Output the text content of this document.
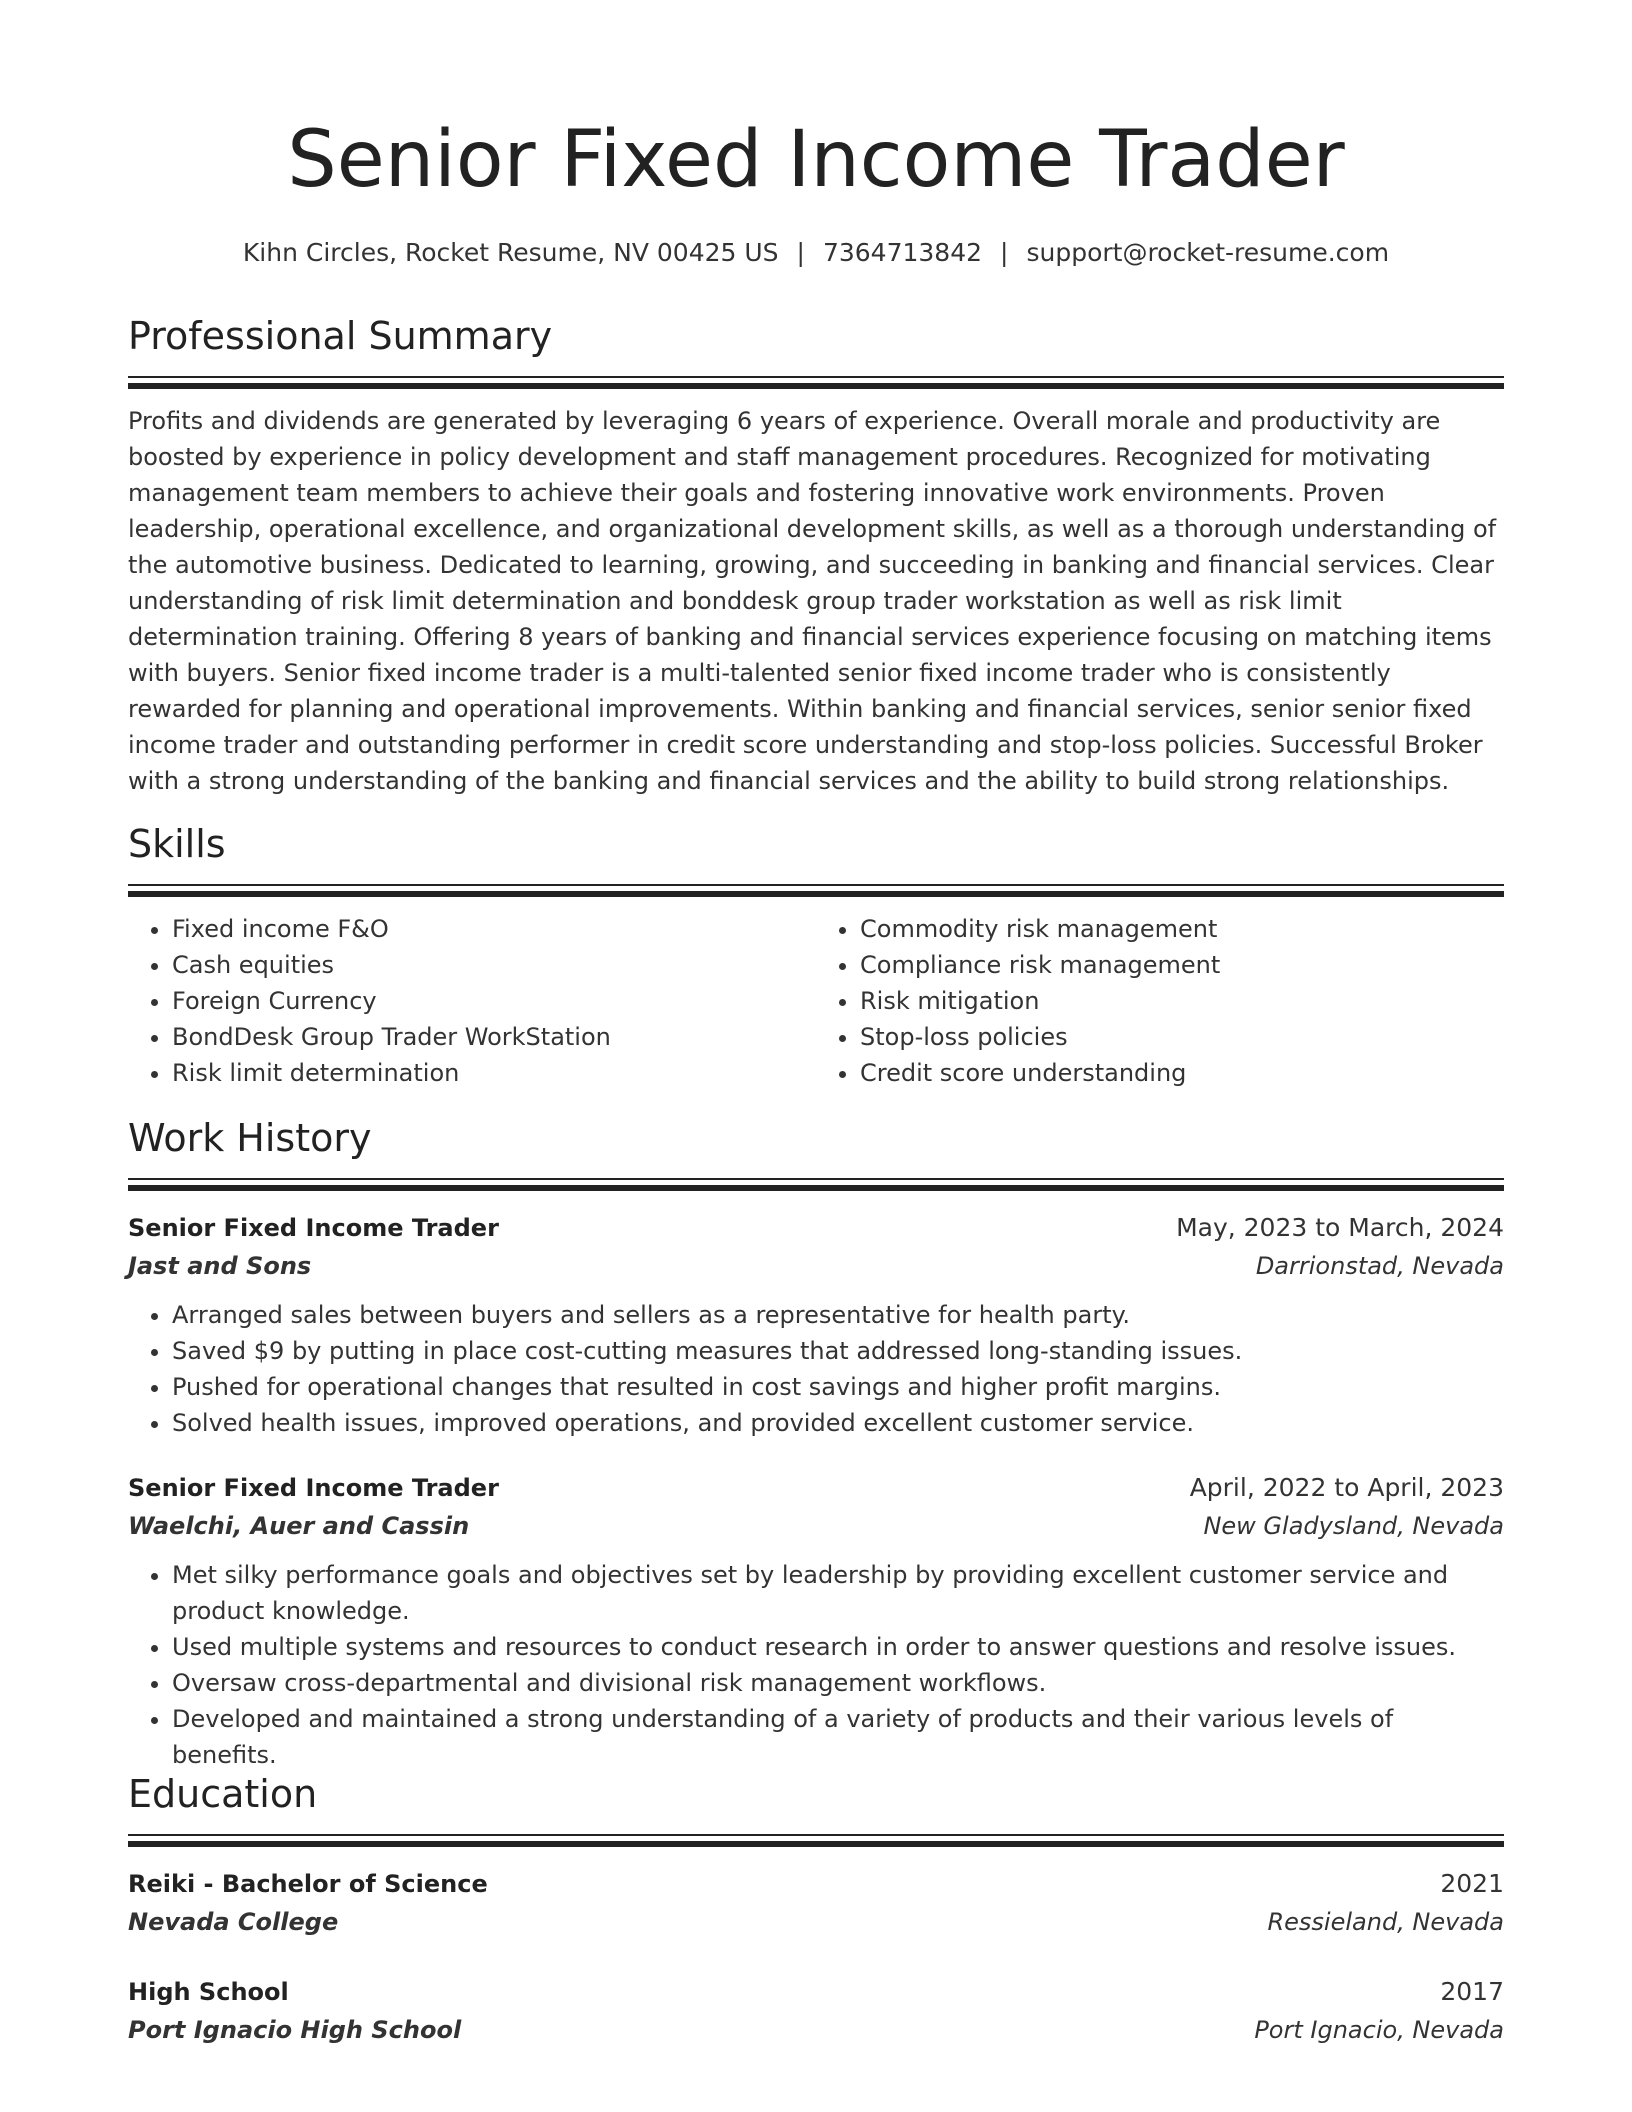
Senior Fixed Income Trader
Kihn Circles, Rocket Resume, NV 00425 US | 7364713842 | support@rocket-resume.com
Professional Summary
Profits and dividends are generated by leveraging 6 years of experience. Overall morale and productivity are boosted by experience in policy development and staff management procedures. Recognized for motivating management team members to achieve their goals and fostering innovative work environments. Proven leadership, operational excellence, and organizational development skills, as well as a thorough understanding of the automotive business. Dedicated to learning, growing, and succeeding in banking and financial services. Clear understanding of risk limit determination and bonddesk group trader workstation as well as risk limit determination training. Offering 8 years of banking and financial services experience focusing on matching items with buyers. Senior fixed income trader is a multi-talented senior fixed income trader who is consistently rewarded for planning and operational improvements. Within banking and financial services, senior senior fixed income trader and outstanding performer in credit score understanding and stop-loss policies. Successful Broker with a strong understanding of the banking and financial services and the ability to build strong relationships.
Skills
• Fixed income F&O
• Cash equities
• Foreign Currency
• BondDesk Group Trader WorkStation
• Risk limit determination
• Commodity risk management
• Compliance risk management
• Risk mitigation
• Stop-loss policies
• Credit score understanding
Work History
Senior Fixed Income Trader	May, 2023 to March, 2024
Jast and Sons	Darrionstad, Nevada
• Arranged sales between buyers and sellers as a representative for health party.
• Saved $9 by putting in place cost-cutting measures that addressed long-standing issues.
• Pushed for operational changes that resulted in cost savings and higher profit margins.
• Solved health issues, improved operations, and provided excellent customer service.
Senior Fixed Income Trader	April, 2022 to April, 2023
Waelchi, Auer and Cassin	New Gladysland, Nevada
• Met silky performance goals and objectives set by leadership by providing excellent customer service and product knowledge.
• Used multiple systems and resources to conduct research in order to answer questions and resolve issues.
• Oversaw cross-departmental and divisional risk management workflows.
• Developed and maintained a strong understanding of a variety of products and their various levels of benefits.
Education
Reiki - Bachelor of Science	2021
Nevada College	Ressieland, Nevada
High School	2017
Port Ignacio High School	Port Ignacio, Nevada
